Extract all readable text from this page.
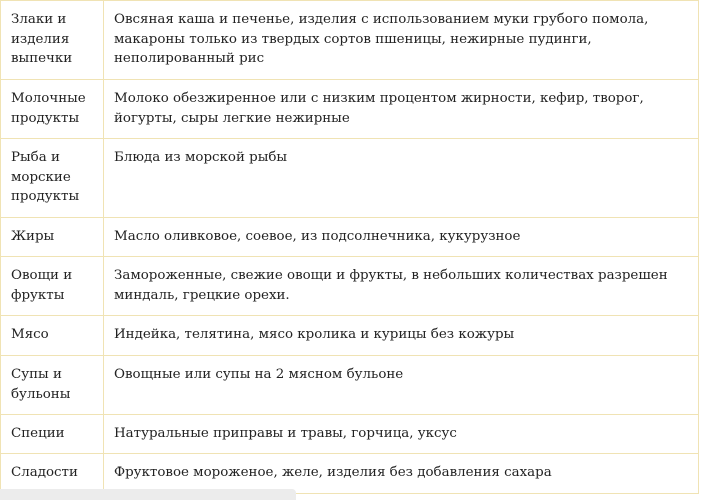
Злаки и изделия выпечки	Овсяная каша и печенье, изделия с использованием муки грубого помола, макароны только из твердых сортов пшеницы, нежирные пудинги, неполированный рис
Молочные продукты	Молоко обезжиренное или с низким процентом жирности, кефир, творог, йогурты, сыры легкие нежирные
Рыба и морские продукты	Блюда из морской рыбы
Жиры	Масло оливковое, соевое, из подсолнечника, кукурузное
Овощи и фрукты	Замороженные, свежие овощи и фрукты, в небольших количествах разрешен миндаль, грецкие орехи.
Мясо	Индейка, телятина, мясо кролика и курицы без кожуры
Супы и бульоны	Овощные или супы на 2 мясном бульоне
Специи	Натуральные приправы и травы, горчица, уксус
Сладости	Фруктовое мороженое, желе, изделия без добавления сахара
